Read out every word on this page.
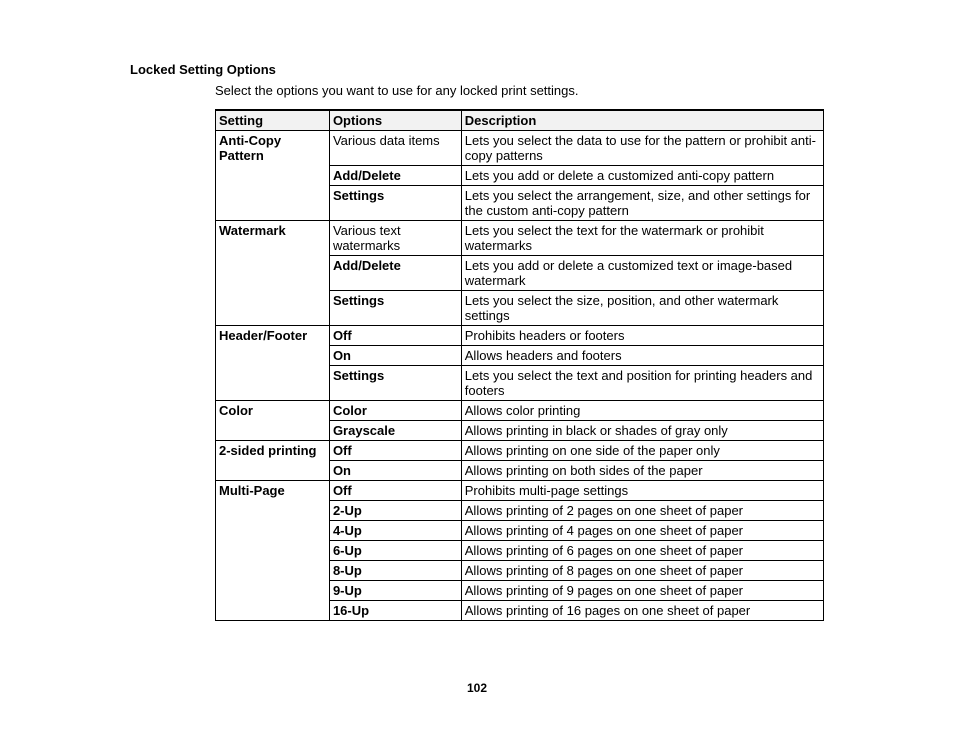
Locked Setting Options
Select the options you want to use for any locked print settings.
Setting	Options	Description
Anti-Copy Pattern	Various data items	Lets you select the data to use for the pattern or prohibit anti-copy patterns
	Add/Delete	Lets you add or delete a customized anti-copy pattern
	Settings	Lets you select the arrangement, size, and other settings for the custom anti-copy pattern
Watermark	Various text watermarks	Lets you select the text for the watermark or prohibit watermarks
	Add/Delete	Lets you add or delete a customized text or image-based watermark
	Settings	Lets you select the size, position, and other watermark settings
Header/Footer	Off	Prohibits headers or footers
	On	Allows headers and footers
	Settings	Lets you select the text and position for printing headers and footers
Color	Color	Allows color printing
	Grayscale	Allows printing in black or shades of gray only
2-sided printing	Off	Allows printing on one side of the paper only
	On	Allows printing on both sides of the paper
Multi-Page	Off	Prohibits multi-page settings
	2-Up	Allows printing of 2 pages on one sheet of paper
	4-Up	Allows printing of 4 pages on one sheet of paper
	6-Up	Allows printing of 6 pages on one sheet of paper
	8-Up	Allows printing of 8 pages on one sheet of paper
	9-Up	Allows printing of 9 pages on one sheet of paper
	16-Up	Allows printing of 16 pages on one sheet of paper
102
